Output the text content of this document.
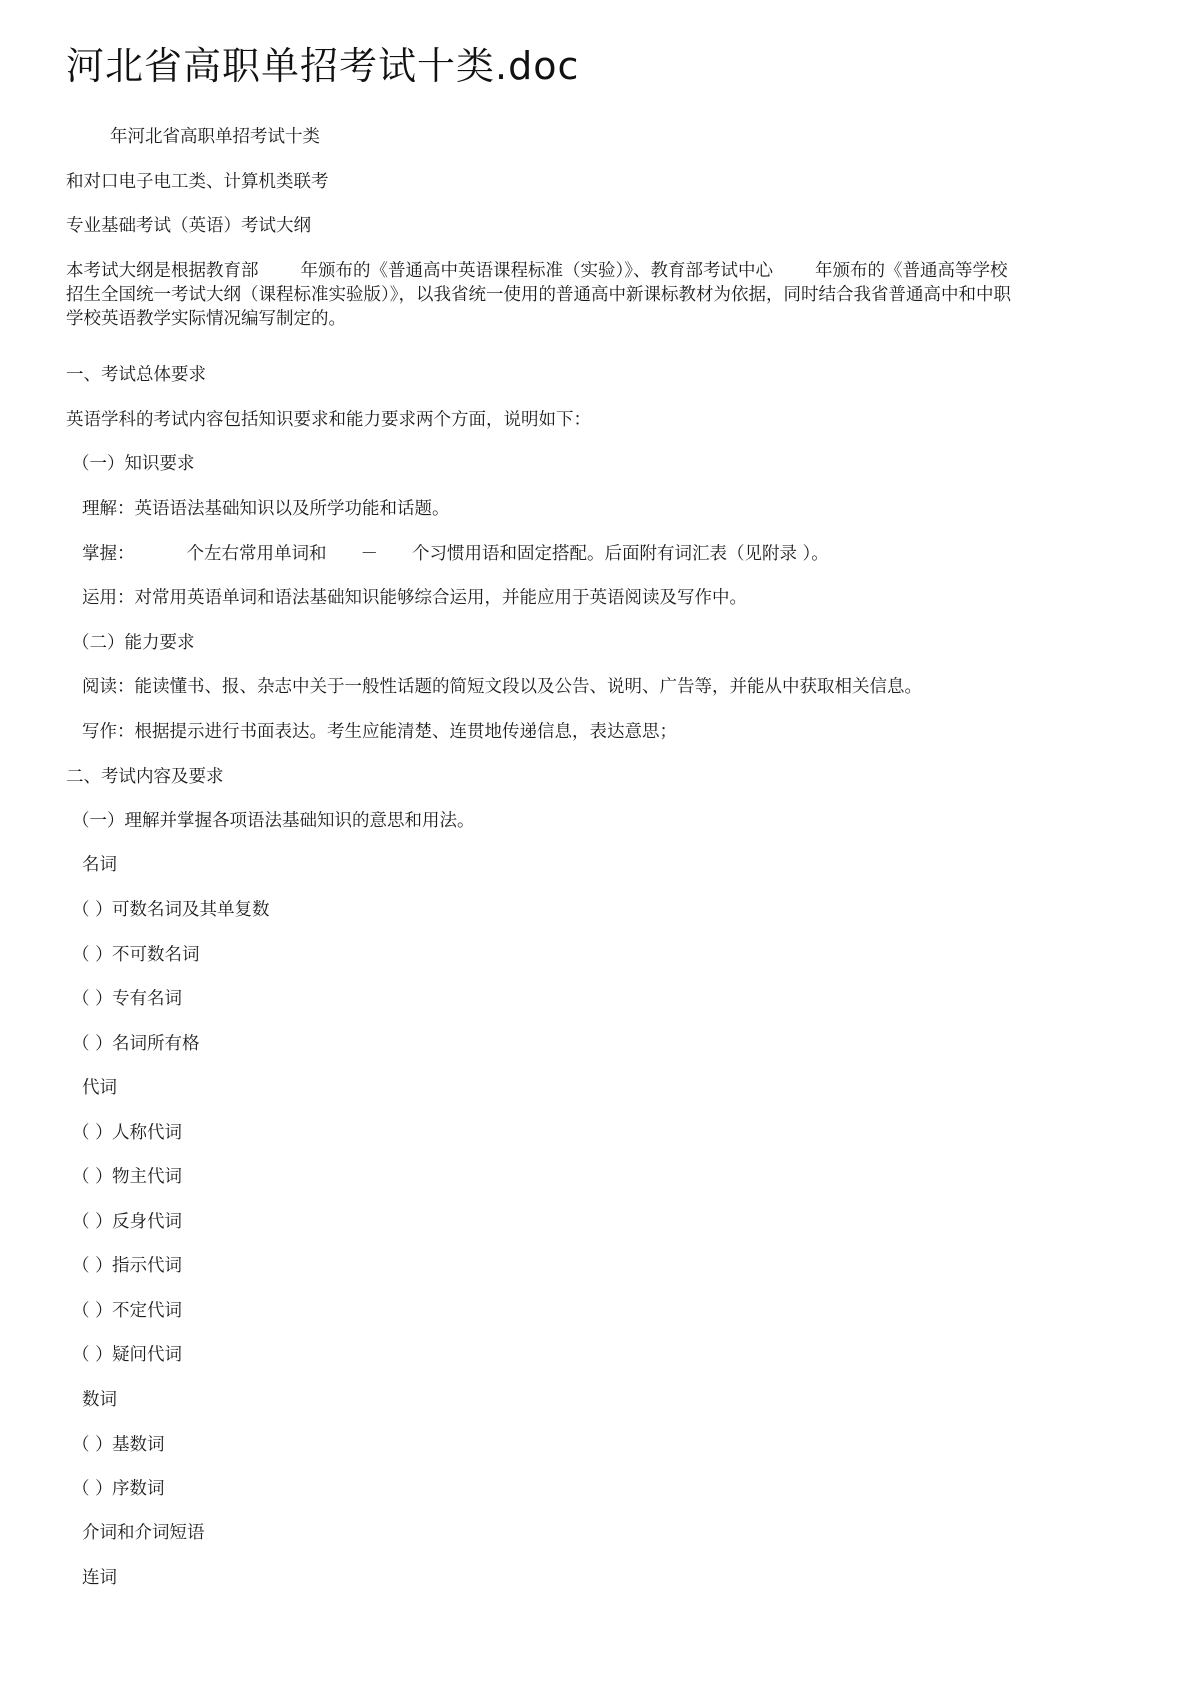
河北省高职单招考试十类.doc
年河北省高职单招考试十类
和对口电子电工类、计算机类联考
专业基础考试（英语）考试大纲
本考试大纲是根据教育部 年颁布的《普通高中英语课程标准（实验）》、教育部考试中心 年颁布的《普通高等学校
招生全国统一考试大纲（课程标准实验版）》，以我省统一使用的普通高中新课标教材为依据，同时结合我省普通高中和中职
学校英语教学实际情况编写制定的。
一、考试总体要求
英语学科的考试内容包括知识要求和能力要求两个方面，说明如下：
（一）知识要求
理解：英语语法基础知识以及所学功能和话题。
掌握：	个左右常用单词和 － 个习惯用语和固定搭配。后面附有词汇表（见附录 ）。
运用：对常用英语单词和语法基础知识能够综合运用，并能应用于英语阅读及写作中。
（二）能力要求
阅读：能读懂书、报、杂志中关于一般性话题的简短文段以及公告、说明、广告等，并能从中获取相关信息。
写作：根据提示进行书面表达。考生应能清楚、连贯地传递信息，表达意思；
二、考试内容及要求
（一）理解并掌握各项语法基础知识的意思和用法。
名词
（ ）可数名词及其单复数
（ ）不可数名词
（ ）专有名词
（ ）名词所有格
代词
（ ）人称代词
（ ）物主代词
（ ）反身代词
（ ）指示代词
（ ）不定代词
（ ）疑问代词
数词
（ ）基数词
（ ）序数词
介词和介词短语
连词
